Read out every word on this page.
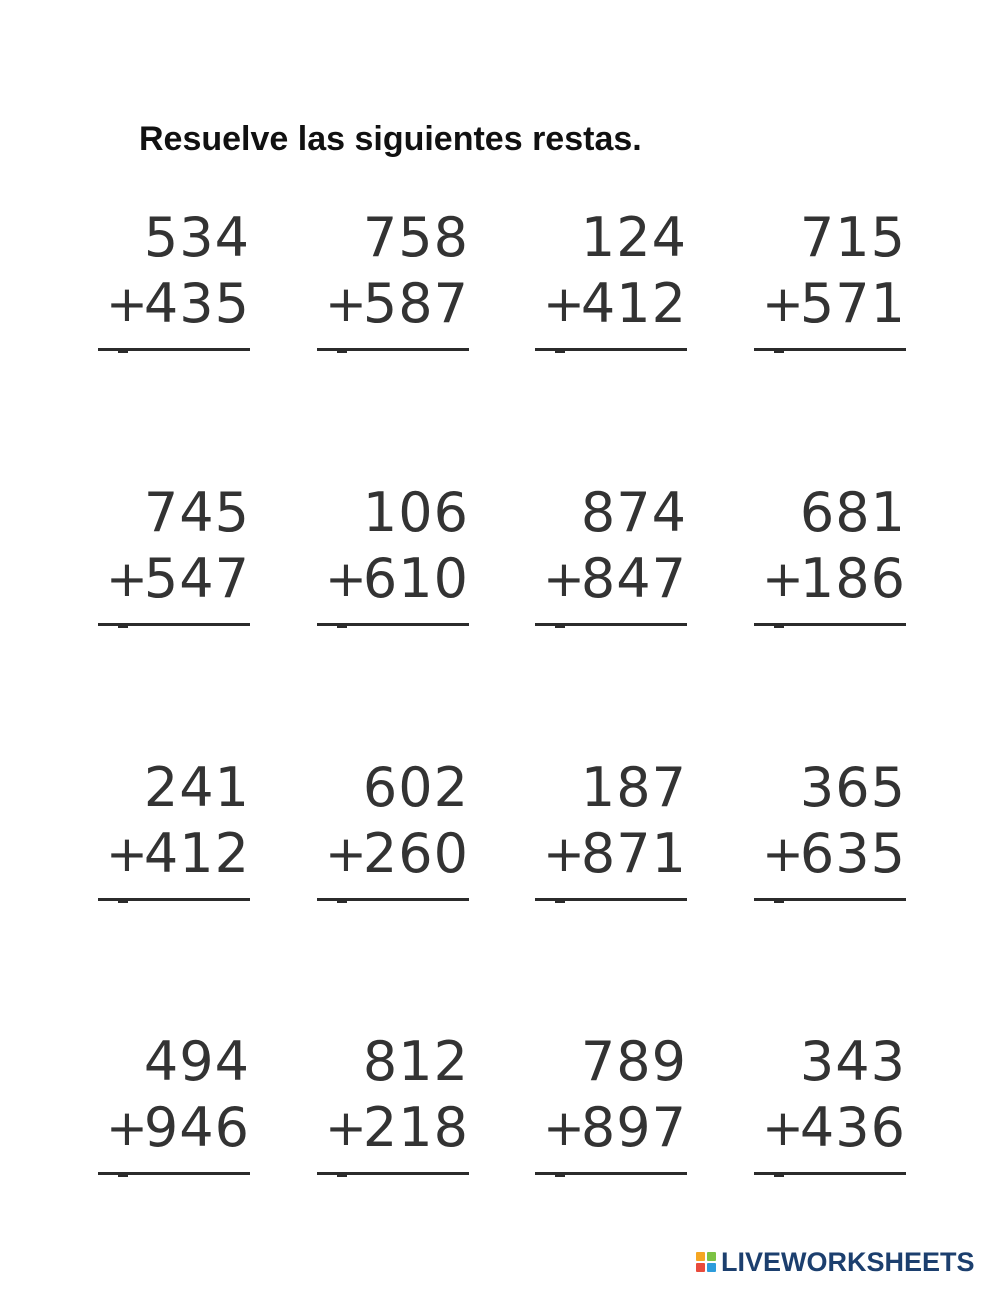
Resuelve las siguientes restas.
534
+
435
758
+
587
124
+
412
715
+
571
745
+
547
106
+
610
874
+
847
681
+
186
241
+
412
602
+
260
187
+
871
365
+
635
494
+
946
812
+
218
789
+
897
343
+
436
LIVEWORKSHEETS
